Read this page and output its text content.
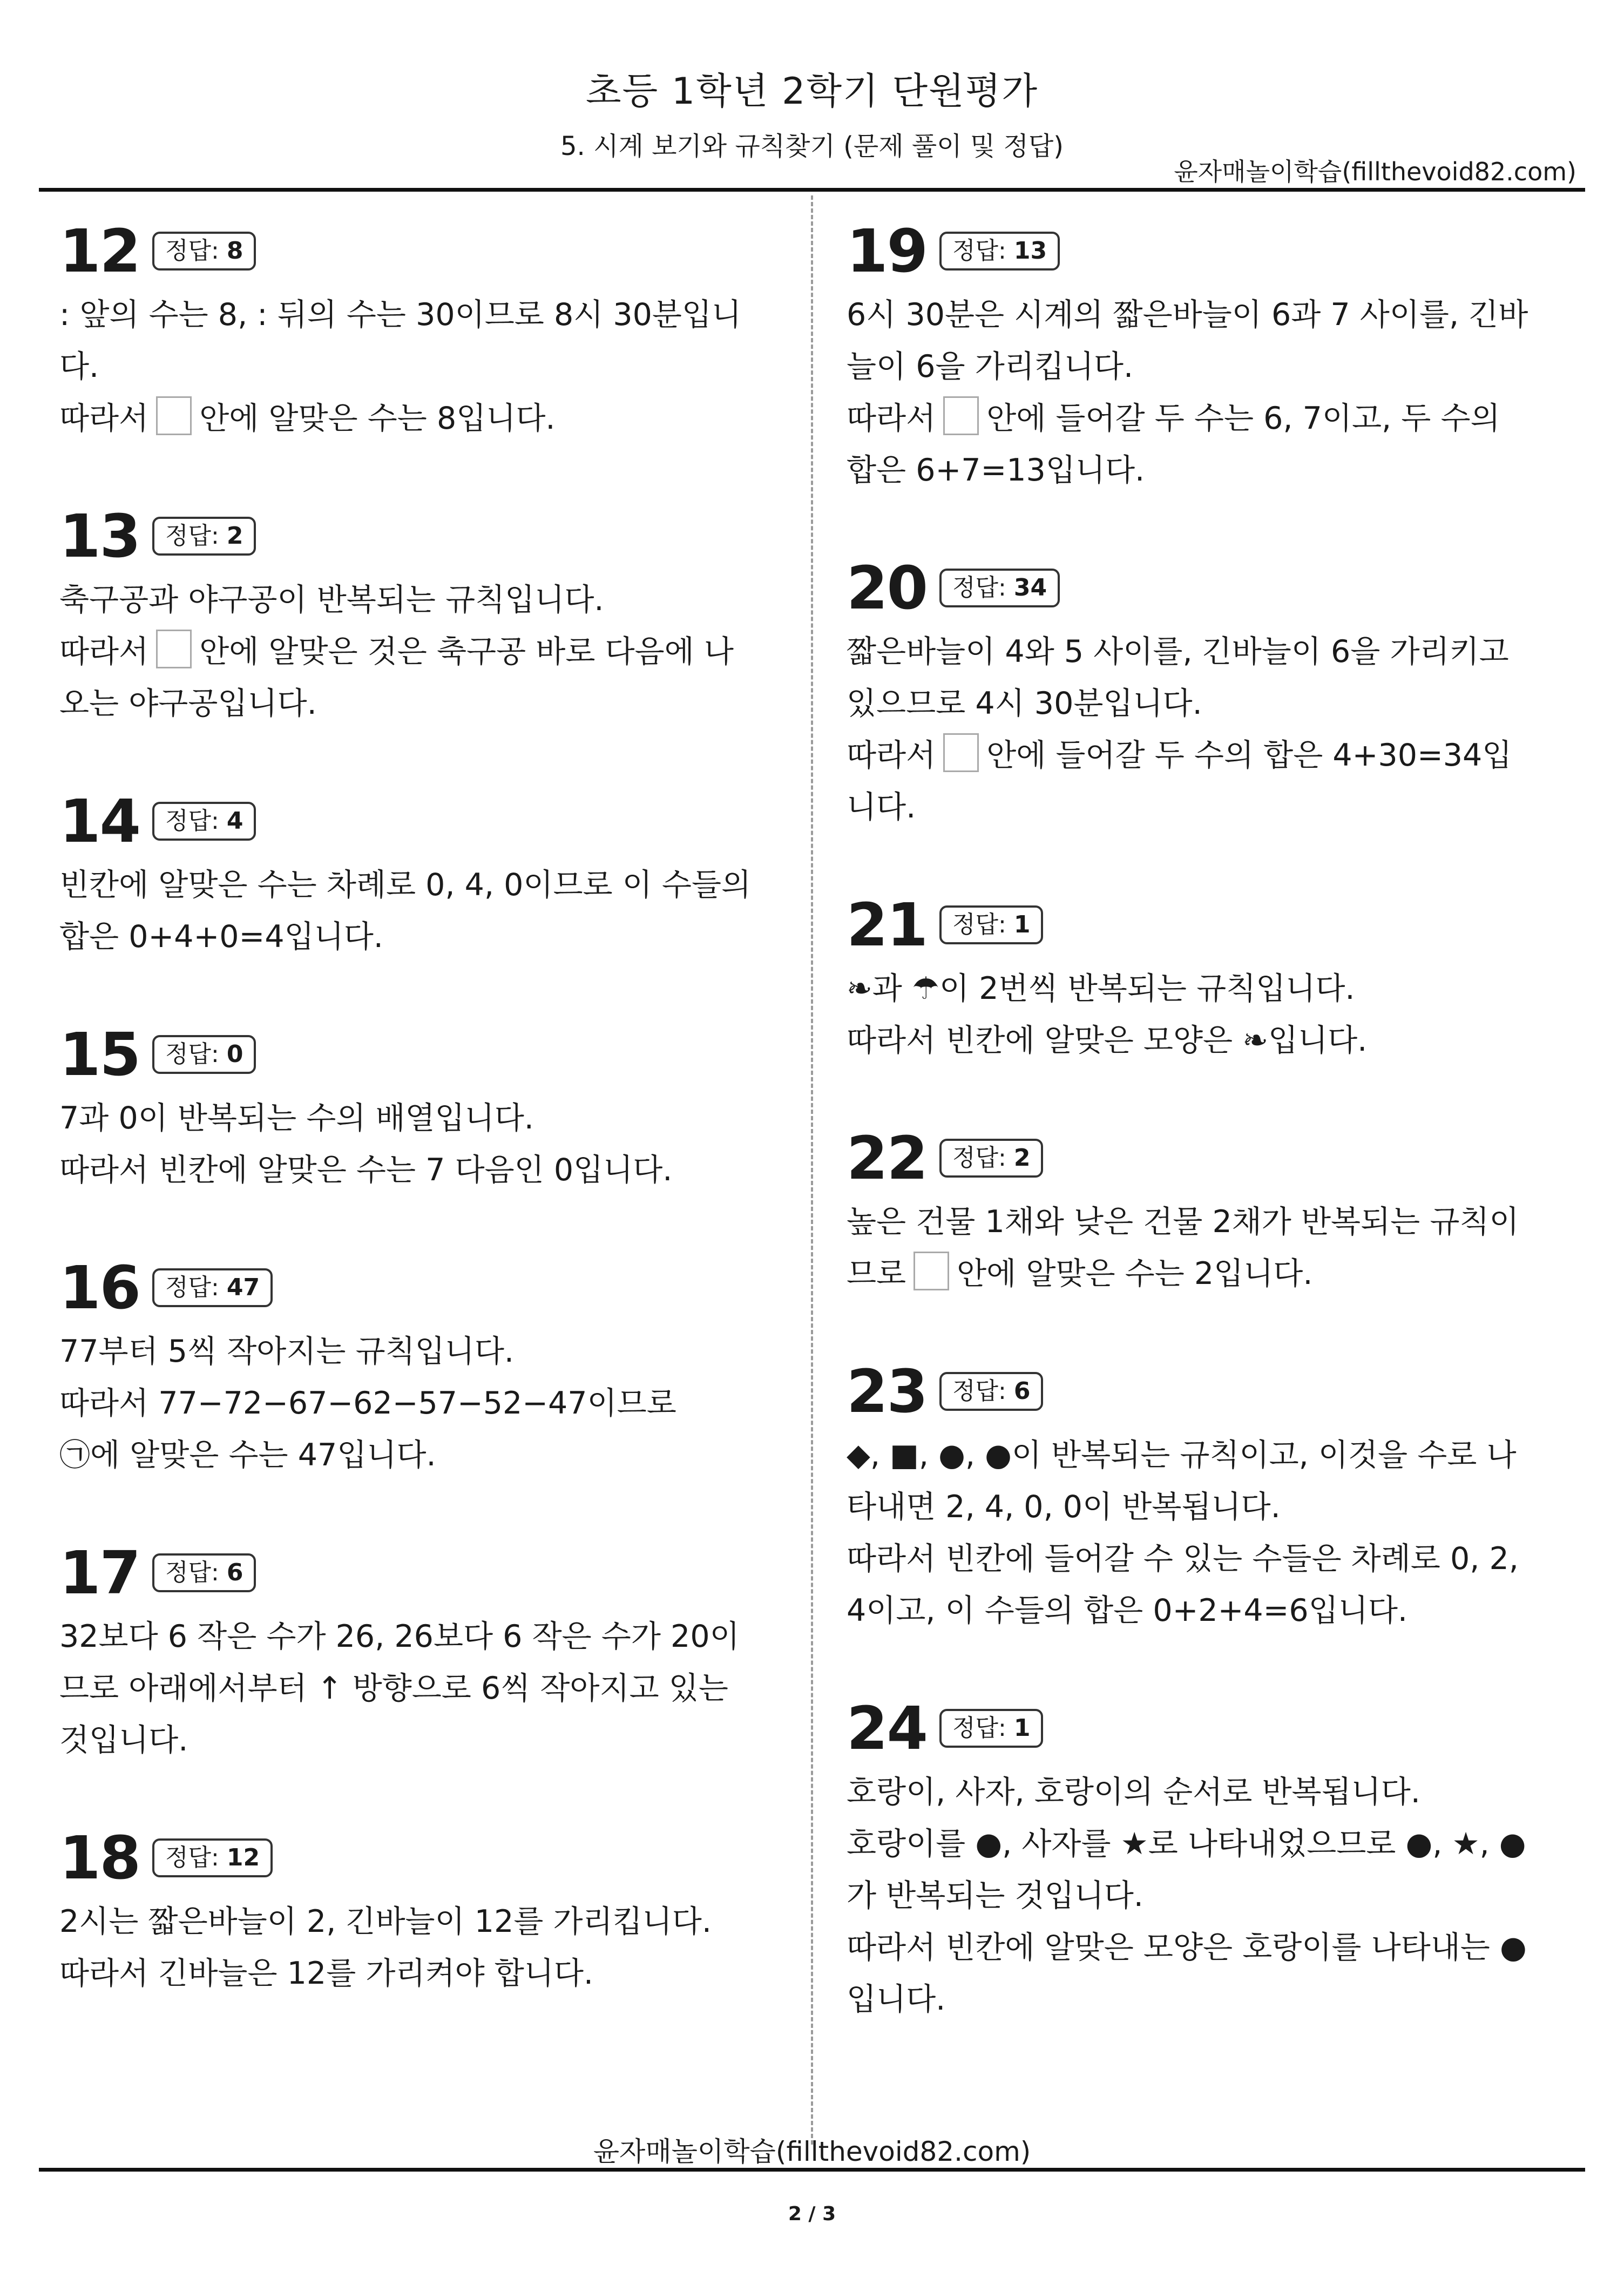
초등 1학년 2학기 단원평가
5. 시계 보기와 규칙찾기 (문제 풀이 및 정답)
윤자매놀이학습(fillthevoid82.com)
12	정답: 8
: 앞의 수는 8, : 뒤의 수는 30이므로 8시 30분입니
다.
따라서 안에 알맞은 수는 8입니다.
13	정답: 2
축구공과 야구공이 반복되는 규칙입니다.
따라서 안에 알맞은 것은 축구공 바로 다음에 나
오는 야구공입니다.
14	정답: 4
빈칸에 알맞은 수는 차례로 0, 4, 0이므로 이 수들의
합은 0+4+0=4입니다.
15	정답: 0
7과 0이 반복되는 수의 배열입니다.
따라서 빈칸에 알맞은 수는 7 다음인 0입니다.
16	정답: 47
77부터 5씩 작아지는 규칙입니다.
따라서 77−72−67−62−57−52−47이므로
㉠에 알맞은 수는 47입니다.
17	정답: 6
32보다 6 작은 수가 26, 26보다 6 작은 수가 20이
므로 아래에서부터 ↑ 방향으로 6씩 작아지고 있는
것입니다.
18	정답: 12
2시는 짧은바늘이 2, 긴바늘이 12를 가리킵니다.
따라서 긴바늘은 12를 가리켜야 합니다.
19	정답: 13
6시 30분은 시계의 짧은바늘이 6과 7 사이를, 긴바
늘이 6을 가리킵니다.
따라서 안에 들어갈 두 수는 6, 7이고, 두 수의
합은 6+7=13입니다.
20	정답: 34
짧은바늘이 4와 5 사이를, 긴바늘이 6을 가리키고
있으므로 4시 30분입니다.
따라서 안에 들어갈 두 수의 합은 4+30=34입
니다.
21	정답: 1
❧과 ☂이 2번씩 반복되는 규칙입니다.
따라서 빈칸에 알맞은 모양은 ❧입니다.
22	정답: 2
높은 건물 1채와 낮은 건물 2채가 반복되는 규칙이
므로 안에 알맞은 수는 2입니다.
23	정답: 6
◆, ■, ●, ●이 반복되는 규칙이고, 이것을 수로 나
타내면 2, 4, 0, 0이 반복됩니다.
따라서 빈칸에 들어갈 수 있는 수들은 차례로 0, 2,
4이고, 이 수들의 합은 0+2+4=6입니다.
24	정답: 1
호랑이, 사자, 호랑이의 순서로 반복됩니다.
호랑이를 ●, 사자를 ★로 나타내었으므로 ●, ★, ●
가 반복되는 것입니다.
따라서 빈칸에 알맞은 모양은 호랑이를 나타내는 ●
입니다.
윤자매놀이학습(fillthevoid82.com)
2 / 3
